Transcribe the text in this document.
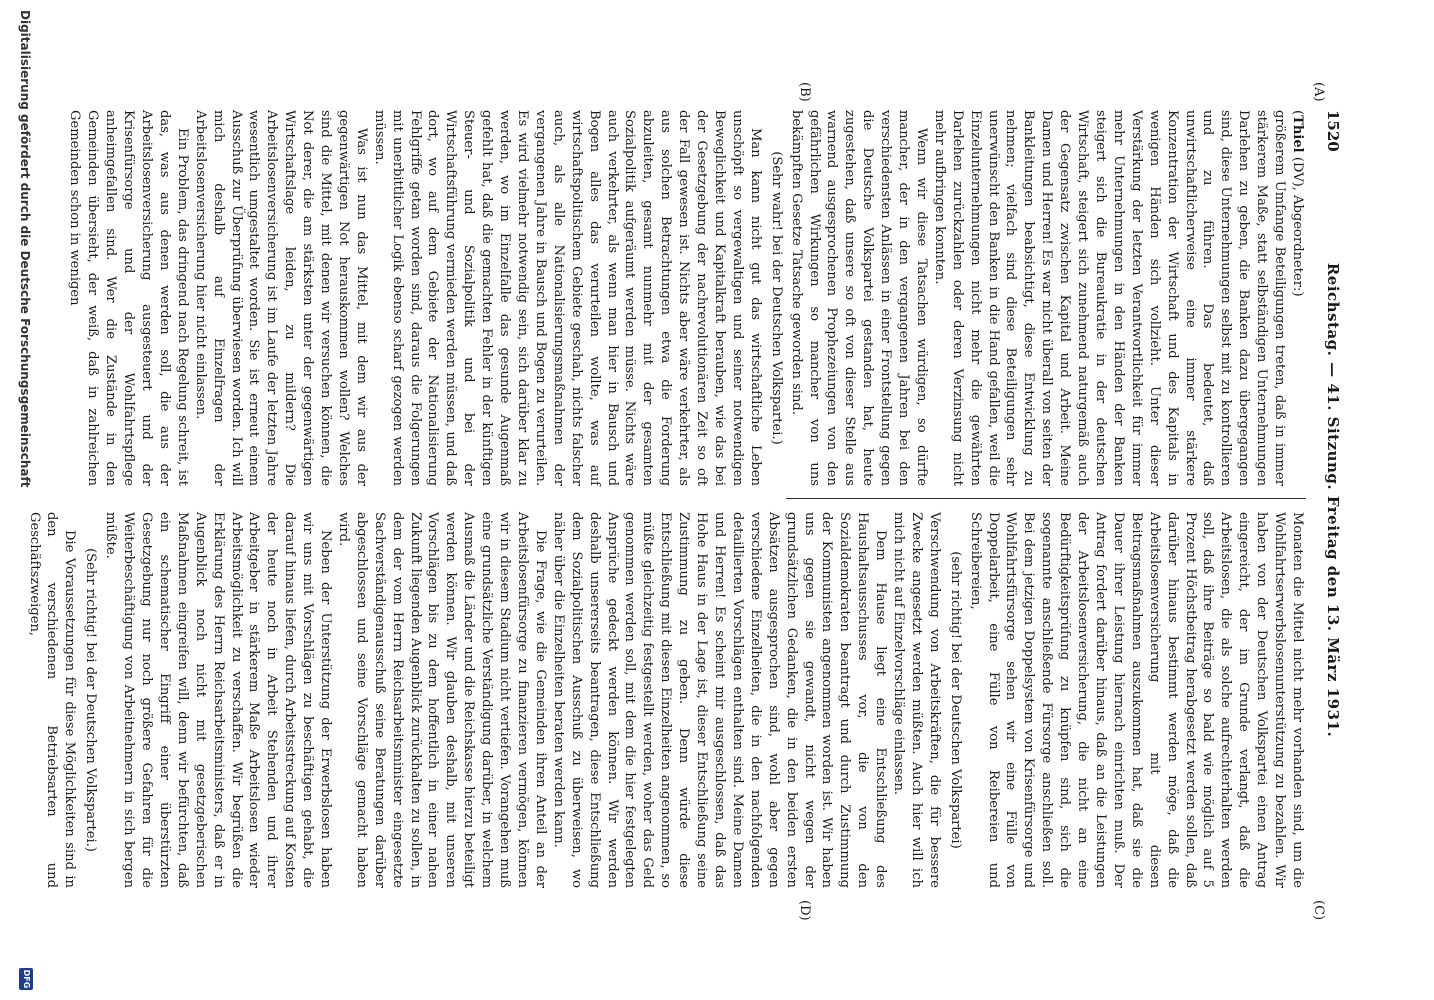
1520
Reichstag. — 41. Sitzung. Freitag den 13. März 1931.
(A)
(B)
(C)
(D)

(Thiel (DV), Abgeordneter:)

größerem Umfange Beteiligungen treten, daß in immer stärkerem Maße, statt selbständigen Unternehmungen Darlehen zu geben, die Banken dazu übergegangen sind, diese Unternehmungen selbst mit zu kontrollieren und zu führen. Das bedeutet, daß unwirtschaftlicherweise eine immer stärkere Konzentration der Wirtschaft und des Kapitals in wenigen Händen sich vollzieht. Unter dieser Verstärkung der letzten Verantwortlichkeit für immer mehr Unternehmungen in den Händen der Banken steigert sich die Bureaukratie in der deutschen Wirtschaft, steigert sich zunehmend naturgemäß auch der Gegensatz zwischen Kapital und Arbeit. Meine Damen und Herren! Es war nicht überall von seiten der Bankleitungen beabsichtigt, diese Entwicklung zu nehmen; vielfach sind diese Beteiligungen sehr unerwünscht den Banken in die Hand gefallen, weil die Einzelunternehmungen nicht mehr die gewährten Darlehen zurückzahlen oder deren Verzinsung nicht mehr aufbringen konnten.

Wenn wir diese Tatsachen würdigen, so dürfte mancher, der in den vergangenen Jahren bei den verschiedensten Anlässen in einer Frontstellung gegen die Deutsche Volkspartei gestanden hat, heute zugestehen, daß unsere so oft von dieser Stelle aus warnend ausgesprochenen Prophezeiungen von den gefährlichen Wirkungen so mancher von uns bekämpften Gesetze Tatsache geworden sind.

(Sehr wahr! bei der Deutschen Volkspartei.)

Man kann nicht gut das wirtschaftliche Leben unschöpft so vergewaltigen und seiner notwendigen Beweglichkeit und Kapitalkraft berauben, wie das bei der Gesetzgebung der nachrevolutionären Zeit so oft der Fall gewesen ist. Nichts aber wäre verkehrter, als aus solchen Betrachtungen etwa die Forderung abzuleiten, gesamt nunmehr mit der gesamten Sozialpolitik aufgeräumt werden müsse. Nichts wäre auch verkehrter, als wenn man hier in Bausch und Bogen alles das verurteilen wollte, was auf wirtschaftspolitischem Gebiete geschah, nichts falscher auch, als alle Nationalisierungsmaßnahmen der vergangenen Jahre in Bausch und Bogen zu verurteilen. Es wird vielmehr notwendig sein, sich darüber klar zu werden, wo im Einzelfalle das gesunde Augenmaß gefehlt hat, daß die gemachten Fehler in der künftigen Steuer- und Sozialpolitik und bei der Wirtschaftsführung vermieden werden müssen, und daß dort, wo auf dem Gebiete der Nationalisierung Fehlgriffe getan worden sind, daraus die Folgerungen mit unerbittlicher Logik ebenso scharf gezogen werden müssen.

Was ist nun das Mittel, mit dem wir aus der gegenwärtigen Not herauskommen wollen? Welches sind die Mittel, mit denen wir versuchen können, die Not derer, die am stärksten unter der gegenwärtigen Wirtschaftslage leiden, zu mildern? Die Arbeitslosenversicherung ist im Laufe der letzten Jahre wesentlich umgestaltet worden. Sie ist erneut einem Ausschuß zur Überprüfung überwiesen worden. Ich will mich deshalb auf Einzelfragen der Arbeitslosenversicherung hier nicht einlassen.

Ein Problem, das dringend nach Regelung schreit, ist das, was aus denen werden soll, die aus der Arbeitslosenversicherung ausgesteuert und der Krisenfürsorge und der Wohlfahrtspflege anheimgefallen sind. Wer die Zustände in den Gemeinden übersieht, der weiß, daß in zahlreichen Gemeinden schon in wenigen

Monaten die Mittel nicht mehr vorhanden sind, um die Wohlfahrtserwerbslosenunterstützung zu bezahlen. Wir haben von der Deutschen Volkspartei einen Antrag eingereicht, der im Grunde verlangt, daß die Arbeitslosen, die als solche aufrechterhalten werden soll, daß ihre Beiträge so bald wie möglich auf 5 Prozent Höchstbeitrag herabgesetzt werden sollen, daß darüber hinaus bestimmt werden möge, daß die Arbeitslosenversicherung mit diesen Beitragsmaßnahmen auszukommen hat, daß sie die Dauer ihrer Leistung hiernach einrichten muß. Der Antrag fordert darüber hinaus, daß an die Leistungen der Arbeitslosenversicherung, die nicht an eine Bedürftigkeitsprüfung zu knüpfen sind, sich die sogenannte anschließende Fürsorge anschließen soll. Bei dem jetzigen Doppelsystem von Krisenfürsorge und Wohlfahrtsfürsorge sehen wir eine Fülle von Doppelarbeit, eine Fülle von Reibereien und Schreibereien,

(sehr richtig! bei der Deutschen Volkspartei)

Verschwendung von Arbeitskräften, die für bessere Zwecke angesetzt werden müßten. Auch hier will ich mich nicht auf Einzelvorschläge einlassen.

Dem Hause liegt eine Entschließung des Haushaltsausschusses vor, die von den Sozialdemokraten beantragt und durch Zustimmung der Kommunisten angenommen worden ist. Wir haben uns gegen sie gewandt, nicht wegen der grundsätzlichen Gedanken, die in den beiden ersten Absätzen ausgesprochen sind, wohl aber gegen verschiedene Einzelheiten, die in den nachfolgenden detaillierten Vorschlägen enthalten sind. Meine Damen und Herren! Es scheint mir ausgeschlossen, daß das Hohe Haus in der Lage ist, dieser Entschließung seine Zustimmung zu geben. Denn würde diese Entschließung mit diesen Einzelheiten angenommen, so müßte gleichzeitig festgestellt werden, woher das Geld genommen werden soll, mit dem die hier festgelegten Ansprüche gedeckt werden können. Wir werden deshalb unsererseits beantragen, diese Entschließung dem Sozialpolitischen Ausschuß zu überweisen, wo näher über die Einzelheiten beraten werden kann.

Die Frage, wie die Gemeinden ihren Anteil an der Arbeitslosenfürsorge zu finanzieren vermögen, können wir in diesem Stadium nicht vertiefen. Vorangehen muß eine grundsätzliche Verständigung darüber, in welchem Ausmaß die Länder und die Reichskasse hierzu beteiligt werden können. Wir glauben deshalb, mit unseren Vorschlägen bis zu dem hoffentlich in einer nahen Zukunft liegenden Augenblick zurückhalten zu sollen, in dem der vom Herrn Reichsarbeitsminister eingesetzte Sachverständigenausschuß seine Beratungen darüber abgeschlossen und seine Vorschläge gemacht haben wird.

Neben der Unterstützung der Erwerbslosen haben wir uns mit Vorschlägen zu beschäftigen gehabt, die darauf hinaus liefen, durch Arbeitsstreckung auf Kosten der heute noch in Arbeit Stehenden und ihrer Arbeitgeber in stärkerem Maße Arbeitslosen wieder Arbeitsmöglichkeit zu verschaffen. Wir begrüßen die Erklärung des Herrn Reichsarbeitsministers, daß er in Augenblick noch nicht mit gesetzgeberischen Maßnahmen eingreifen will, denn wir befürchten, daß ein schematischer Eingriff einer überstürzten Gesetzgebung nur noch größere Gefahren für die Weiterbeschäftigung von Arbeitnehmern in sich bergen müßte.

(Sehr richtig! bei der Deutschen Volkspartei.)

Die Voraussetzungen für diese Möglichkeiten sind in den verschiedenen Betriebsarten und Geschäftszweigen,

Digitalisierung gefördert durch die Deutsche Forschungsgemeinschaft
DFG
